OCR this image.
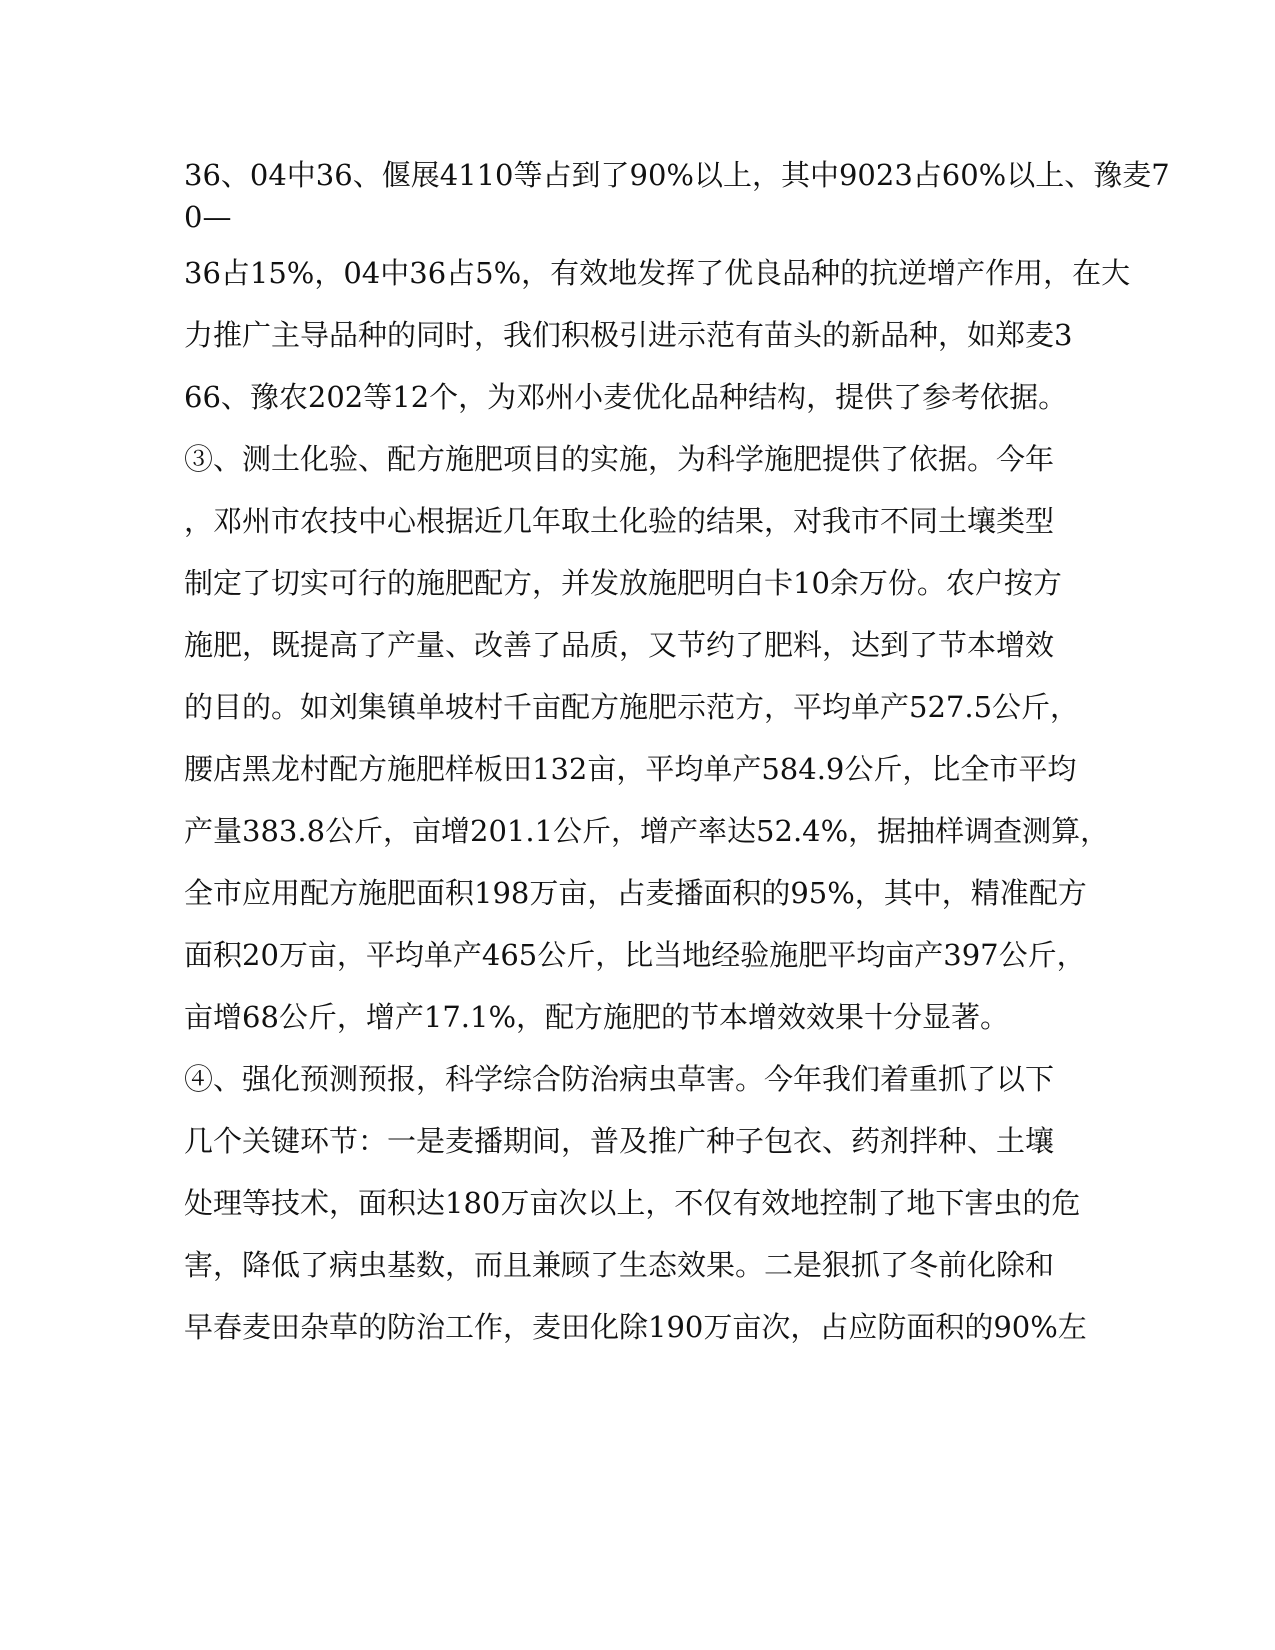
36、04中36、偃展4110等占到了90%以上，其中9023占60%以上、豫麦7
0—
36占15%，04中36占5%，有效地发挥了优良品种的抗逆增产作用，在大
力推广主导品种的同时，我们积极引进示范有苗头的新品种，如郑麦3
66、豫农202等12个，为邓州小麦优化品种结构，提供了参考依据。
③、测土化验、配方施肥项目的实施，为科学施肥提供了依据。今年
，邓州市农技中心根据近几年取土化验的结果，对我市不同土壤类型
制定了切实可行的施肥配方，并发放施肥明白卡10余万份。农户按方
施肥，既提高了产量、改善了品质，又节约了肥料，达到了节本增效
的目的。如刘集镇单坡村千亩配方施肥示范方，平均单产527.5公斤，
腰店黑龙村配方施肥样板田132亩，平均单产584.9公斤，比全市平均
产量383.8公斤，亩增201.1公斤，增产率达52.4%，据抽样调查测算，
全市应用配方施肥面积198万亩，占麦播面积的95%，其中，精准配方
面积20万亩，平均单产465公斤，比当地经验施肥平均亩产397公斤，
亩增68公斤，增产17.1%，配方施肥的节本增效效果十分显著。
④、强化预测预报，科学综合防治病虫草害。今年我们着重抓了以下
几个关键环节：一是麦播期间，普及推广种子包衣、药剂拌种、土壤
处理等技术，面积达180万亩次以上，不仅有效地控制了地下害虫的危
害，降低了病虫基数，而且兼顾了生态效果。二是狠抓了冬前化除和
早春麦田杂草的防治工作，麦田化除190万亩次，占应防面积的90%左
